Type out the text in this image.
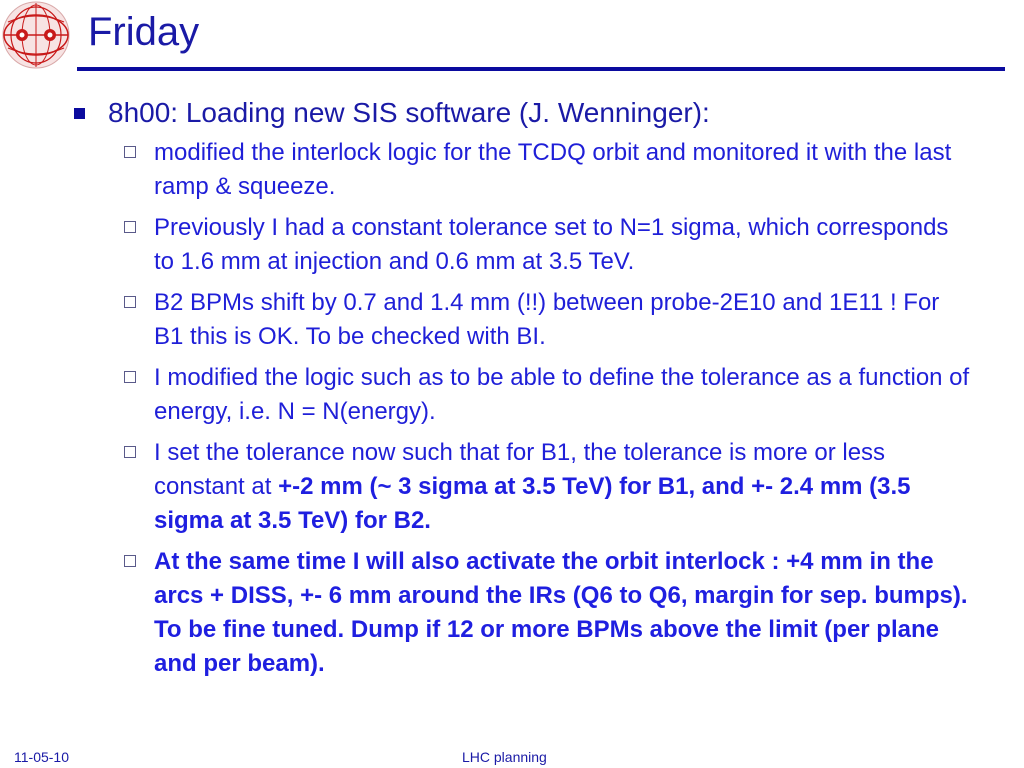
Friday
8h00: Loading new SIS software (J. Wenninger):
modified the interlock logic for the TCDQ orbit and monitored it with the last ramp & squeeze.
Previously I had a constant tolerance set to N=1 sigma, which corresponds to 1.6 mm at injection and 0.6 mm at 3.5 TeV.
B2 BPMs shift by 0.7 and 1.4 mm (!!) between probe-2E10 and 1E11 ! For B1 this is OK. To be checked with BI.
I modified the logic such as to be able to define the tolerance as a function of energy, i.e. N = N(energy).
I set the tolerance now such that for B1, the tolerance is more or less constant at +-2 mm (~ 3 sigma at 3.5 TeV) for B1, and +- 2.4 mm (3.5 sigma at 3.5 TeV) for B2.
At the same time I will also activate the orbit interlock : +4 mm in the arcs + DISS, +- 6 mm around the IRs (Q6 to Q6, margin for sep. bumps). To be fine tuned. Dump if 12 or more BPMs above the limit (per plane and per beam).
11-05-10	LHC planning
